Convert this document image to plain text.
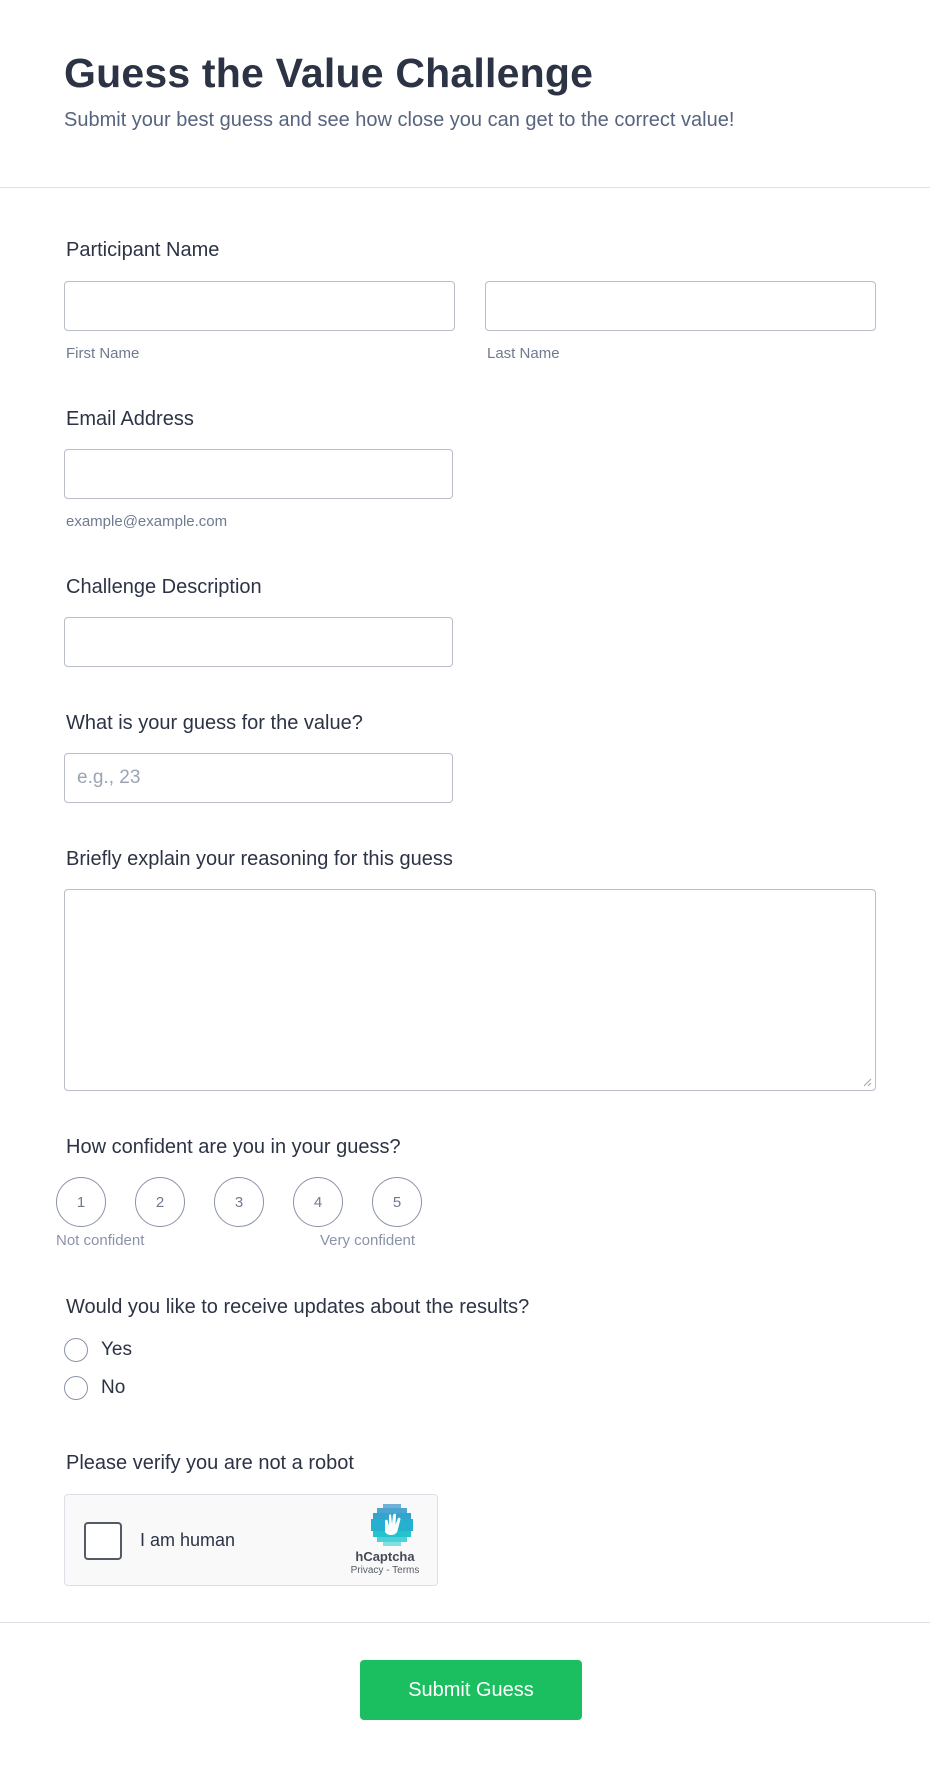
Guess the Value Challenge
Submit your best guess and see how close you can get to the correct value!
Participant Name
First Name	Last Name
Email Address
example@example.com
Challenge Description
What is your guess for the value?
e.g., 23
Briefly explain your reasoning for this guess
How confident are you in your guess?
1	2	3	4	5
Not confident	Very confident
Would you like to receive updates about the results?
Yes
No
Please verify you are not a robot
I am human
hCaptcha
Privacy - Terms
Submit Guess
